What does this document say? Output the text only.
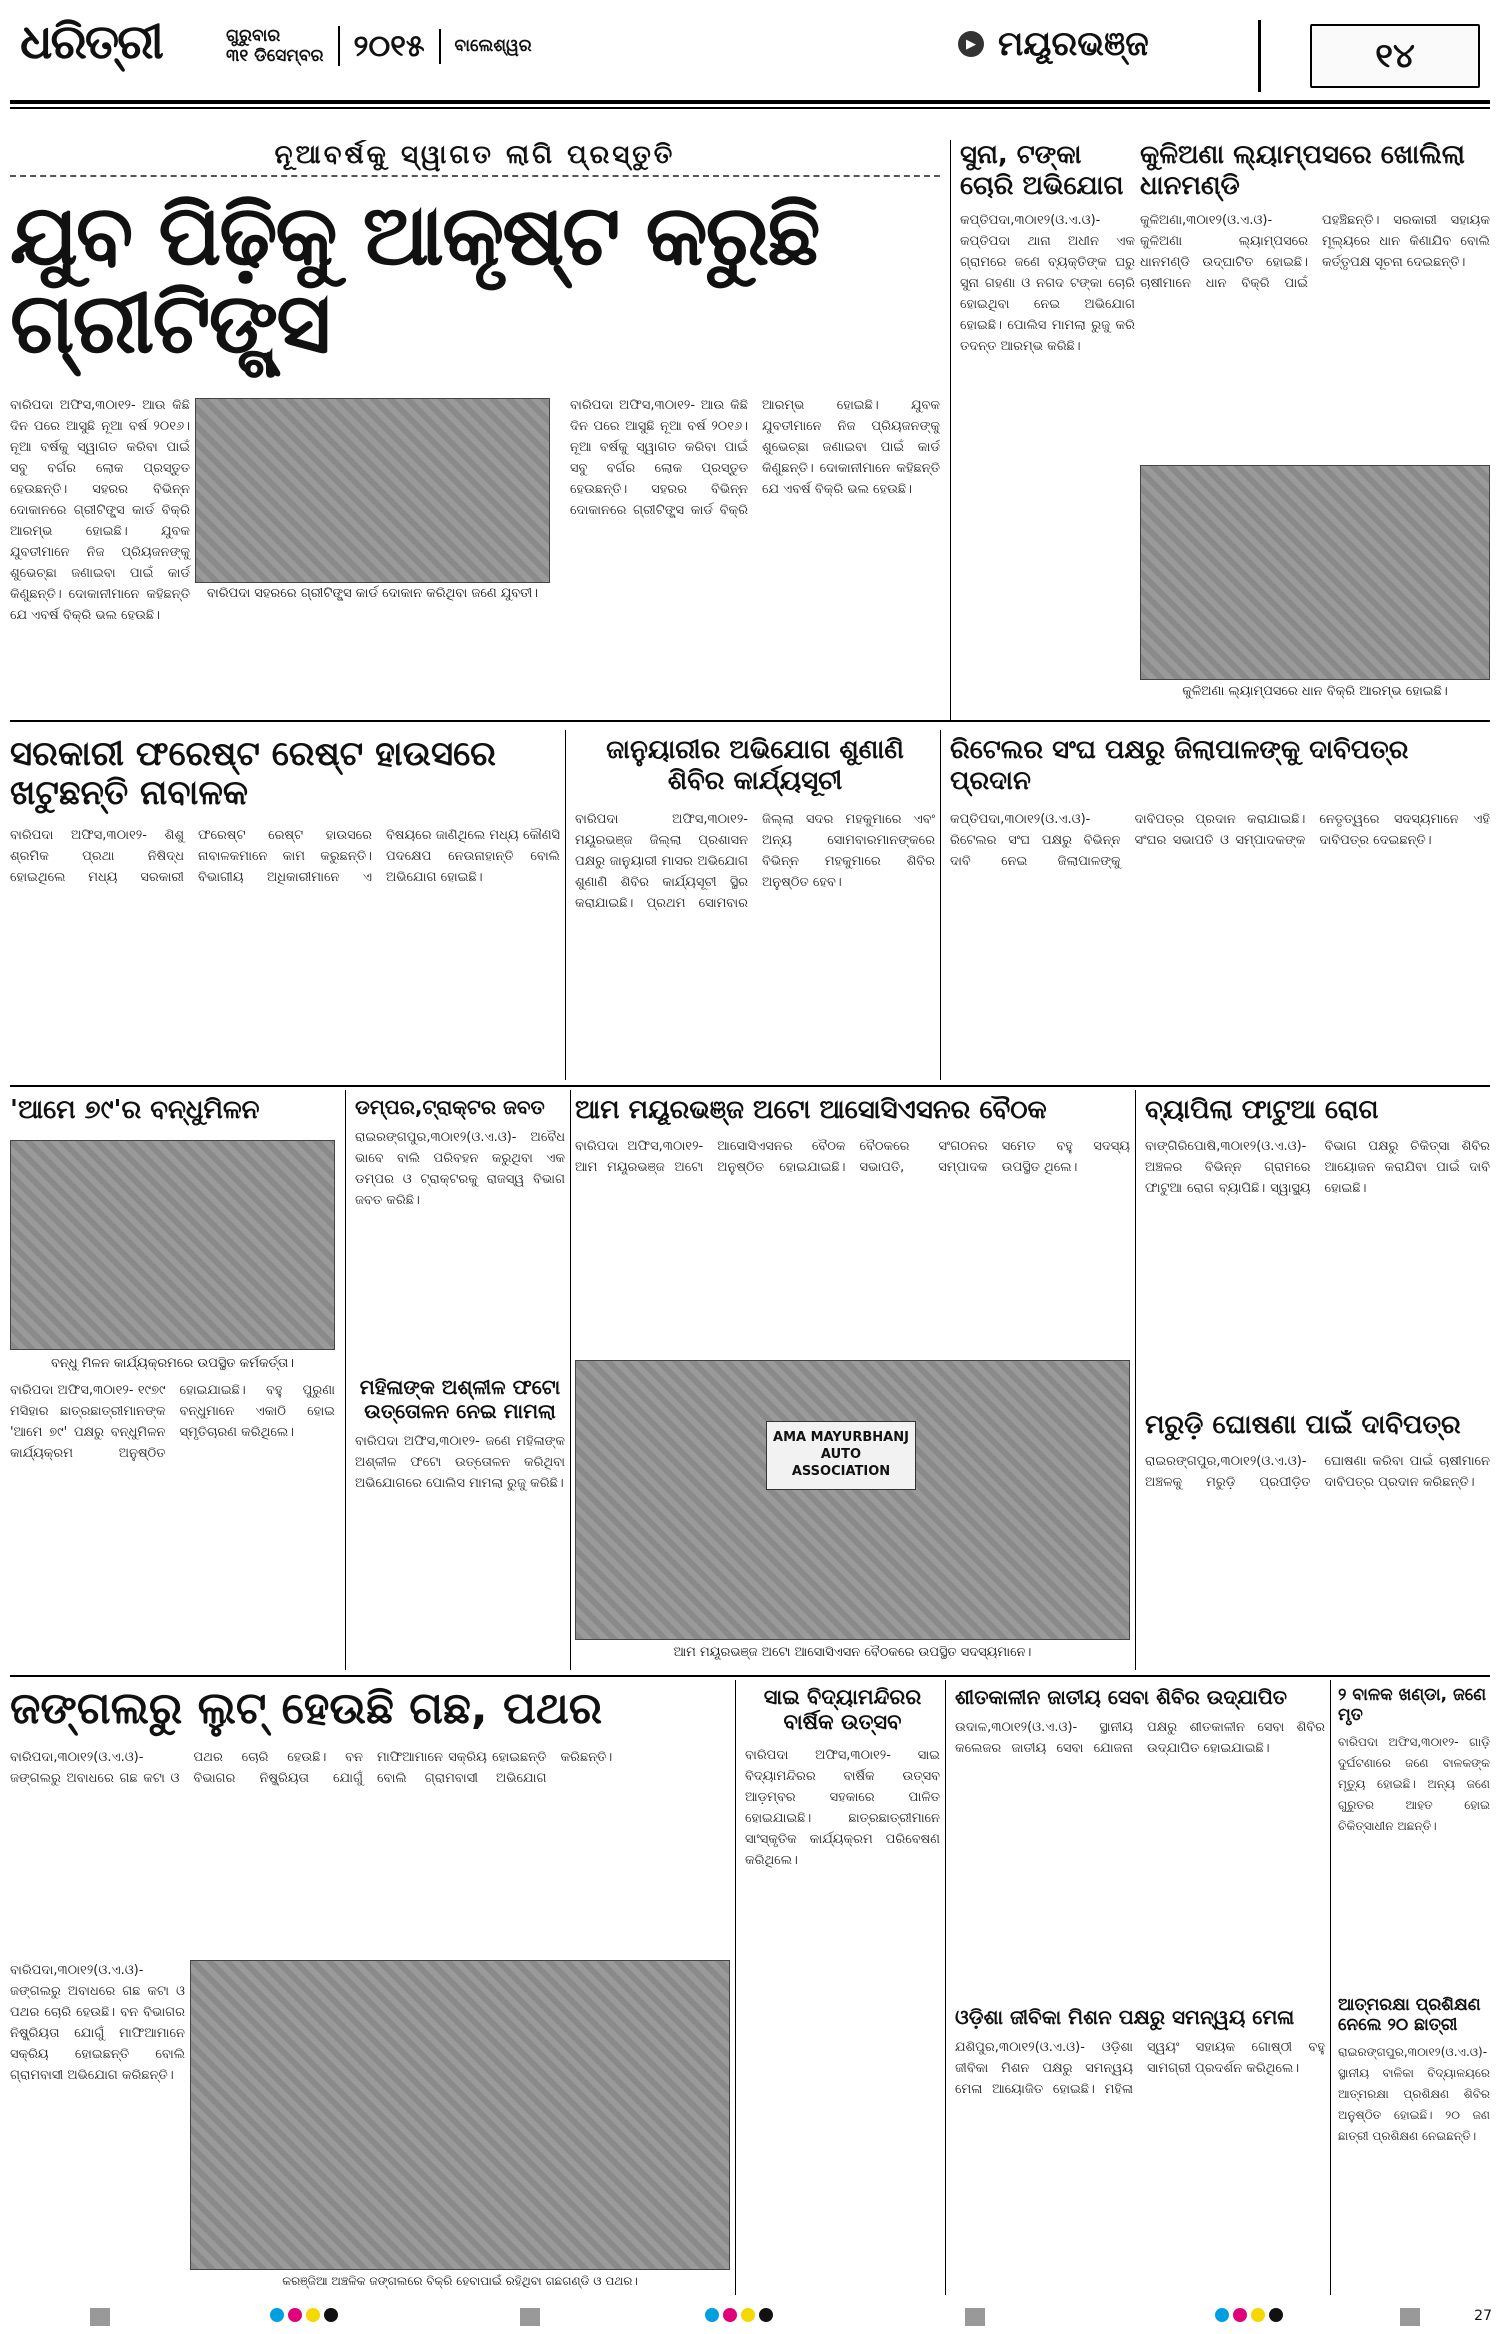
ଧରିତ୍ରୀ	ଗୁରୁବାର
୩୧ ଡିସେମ୍ବର	୨୦୧୫	ବାଲେଶ୍ୱର	▶ ମୟୂରଭଞ୍ଜ	୧୪
ନୂଆବର୍ଷକୁ ସ୍ୱାଗତ ଲାଗି ପ୍ରସ୍ତୁତି
ଯୁବ ପିଢ଼ିକୁ ଆକୃଷ୍ଟ କରୁଛି ଗ୍ରୀଟିଙ୍ଗ୍ସ
ବାରିପଦା ଅଫିସ,୩୦ା୧୨- ଆଉ କିଛି ଦିନ ପରେ ଆସୁଛି ନୂଆ ବର୍ଷ ୨୦୧୬। ନୂଆ ବର୍ଷକୁ ସ୍ୱାଗତ କରିବା ପାଇଁ ସବୁ ବର୍ଗର ଲୋକ ପ୍ରସ୍ତୁତ ହେଉଛନ୍ତି। ସହରର ବିଭିନ୍ନ ଦୋକାନରେ ଗ୍ରୀଟିଙ୍ଗ୍ସ କାର୍ଡ ବିକ୍ରି ଆରମ୍ଭ ହୋଇଛି। ଯୁବକ ଯୁବତୀମାନେ ନିଜ ପ୍ରିୟଜନଙ୍କୁ ଶୁଭେଚ୍ଛା ଜଣାଇବା ପାଇଁ କାର୍ଡ କିଣୁଛନ୍ତି। ଦୋକାନୀମାନେ କହିଛନ୍ତି ଯେ ଏବର୍ଷ ବିକ୍ରି ଭଲ ହେଉଛି।
ବାରିପଦା ଅଫିସ,୩୦ା୧୨- ଆଉ କିଛି ଦିନ ପରେ ଆସୁଛି ନୂଆ ବର୍ଷ ୨୦୧୬। ନୂଆ ବର୍ଷକୁ ସ୍ୱାଗତ କରିବା ପାଇଁ ସବୁ ବର୍ଗର ଲୋକ ପ୍ରସ୍ତୁତ ହେଉଛନ୍ତି। ସହରର ବିଭିନ୍ନ ଦୋକାନରେ ଗ୍ରୀଟିଙ୍ଗ୍ସ କାର୍ଡ ବିକ୍ରି ଆରମ୍ଭ ହୋଇଛି। ଯୁବକ ଯୁବତୀମାନେ ନିଜ ପ୍ରିୟଜନଙ୍କୁ ଶୁଭେଚ୍ଛା ଜଣାଇବା ପାଇଁ କାର୍ଡ କିଣୁଛନ୍ତି। ଦୋକାନୀମାନେ କହିଛନ୍ତି ଯେ ଏବର୍ଷ ବିକ୍ରି ଭଲ ହେଉଛି।
ବାରିପଦା ସହରରେ ଗ୍ରୀଟିଙ୍ଗ୍ସ କାର୍ଡ ଦୋକାନ କରିଥିବା ଜଣେ ଯୁବତୀ।
ସୁନା, ଟଙ୍କା ଚୋରି ଅଭିଯୋଗ
କପ୍ତିପଦା,୩୦ା୧୨(ଓ.ଏ.ଓ)- କପ୍ତିପଦା ଥାନା ଅଧୀନ ଏକ ଗ୍ରାମରେ ଜଣେ ବ୍ୟକ୍ତିଙ୍କ ଘରୁ ସୁନା ଗହଣା ଓ ନଗଦ ଟଙ୍କା ଚୋରି ହୋଇଥିବା ନେଇ ଅଭିଯୋଗ ହୋଇଛି। ପୋଲିସ ମାମଲା ରୁଜୁ କରି ତଦନ୍ତ ଆରମ୍ଭ କରିଛି।
କୁଳିଅଣା ଲ୍ୟାମ୍ପସରେ ଖୋଲିଲା ଧାନମଣ୍ଡି
କୁଳିଅଣା,୩୦ା୧୨(ଓ.ଏ.ଓ)- କୁଳିଅଣା ଲ୍ୟାମ୍ପସରେ ଧାନମଣ୍ଡି ଉଦ୍‌ଘାଟିତ ହୋଇଛି। ଚାଷୀମାନେ ଧାନ ବିକ୍ରି ପାଇଁ ପହଞ୍ଚିଛନ୍ତି। ସରକାରୀ ସହାୟକ ମୂଲ୍ୟରେ ଧାନ କିଣାଯିବ ବୋଲି କର୍ତ୍ତୃପକ୍ଷ ସୂଚନା ଦେଇଛନ୍ତି।
କୁଳିଅଣା ଲ୍ୟାମ୍ପସରେ ଧାନ ବିକ୍ରି ଆରମ୍ଭ ହୋଇଛି।
ସରକାରୀ ଫରେଷ୍ଟ ରେଷ୍ଟ ହାଉସରେ ଖଟୁଛନ୍ତି ନାବାଳକ
ବାରିପଦା ଅଫିସ,୩୦ା୧୨- ଶିଶୁ ଶ୍ରମିକ ପ୍ରଥା ନିଷିଦ୍ଧ ହୋଇଥିଲେ ମଧ୍ୟ ସରକାରୀ ଫରେଷ୍ଟ ରେଷ୍ଟ ହାଉସରେ ନାବାଳକମାନେ କାମ କରୁଛନ୍ତି। ବିଭାଗୀୟ ଅଧିକାରୀମାନେ ଏ ବିଷୟରେ ଜାଣିଥିଲେ ମଧ୍ୟ କୌଣସି ପଦକ୍ଷେପ ନେଉନାହାନ୍ତି ବୋଲି ଅଭିଯୋଗ ହୋଇଛି।
ଜାନୁୟାରୀର ଅଭିଯୋଗ ଶୁଣାଣି ଶିବିର କାର୍ଯ୍ୟସୂଚୀ
ବାରିପଦା ଅଫିସ,୩୦ା୧୨- ମୟୂରଭଞ୍ଜ ଜିଲ୍ଲା ପ୍ରଶାସନ ପକ୍ଷରୁ ଜାନୁୟାରୀ ମାସର ଅଭିଯୋଗ ଶୁଣାଣି ଶିବିର କାର୍ଯ୍ୟସୂଚୀ ସ୍ଥିର କରାଯାଇଛି। ପ୍ରଥମ ସୋମବାର ଜିଲ୍ଲା ସଦର ମହକୁମାରେ ଏବଂ ଅନ୍ୟ ସୋମବାରମାନଙ୍କରେ ବିଭିନ୍ନ ମହକୁମାରେ ଶିବିର ଅନୁଷ୍ଠିତ ହେବ।
ରିଟେଲର ସଂଘ ପକ୍ଷରୁ ଜିଲାପାଳଙ୍କୁ ଦାବିପତ୍ର ପ୍ରଦାନ
କପ୍ତିପଦା,୩୦ା୧୨(ଓ.ଏ.ଓ)- ରିଟେଲର ସଂଘ ପକ୍ଷରୁ ବିଭିନ୍ନ ଦାବି ନେଇ ଜିଲାପାଳଙ୍କୁ ଦାବିପତ୍ର ପ୍ରଦାନ କରାଯାଇଛି। ସଂଘର ସଭାପତି ଓ ସମ୍ପାଦକଙ୍କ ନେତୃତ୍ୱରେ ସଦସ୍ୟମାନେ ଏହି ଦାବିପତ୍ର ଦେଇଛନ୍ତି।
'ଆମେ ୭୯'ର ବନ୍ଧୁମିଳନ
ବନ୍ଧୁ ମିଳନ କାର୍ଯ୍ୟକ୍ରମରେ ଉପସ୍ଥିତ କର୍ମକର୍ତ୍ତା।
ବାରିପଦା ଅଫିସ,୩୦ା୧୨- ୧୯୭୯ ମସିହାର ଛାତ୍ରଛାତ୍ରୀମାନଙ୍କ 'ଆମେ ୭୯' ପକ୍ଷରୁ ବନ୍ଧୁମିଳନ କାର୍ଯ୍ୟକ୍ରମ ଅନୁଷ୍ଠିତ ହୋଇଯାଇଛି। ବହୁ ପୁରୁଣା ବନ୍ଧୁମାନେ ଏକାଠି ହୋଇ ସ୍ମୃତିଚାରଣ କରିଥିଲେ।
ଡମ୍ପର,ଟ୍ରାକ୍ଟର ଜବତ
ରାଇରଙ୍ଗପୁର,୩୦ା୧୨(ଓ.ଏ.ଓ)- ଅବୈଧ ଭାବେ ବାଲି ପରିବହନ କରୁଥିବା ଏକ ଡମ୍ପର ଓ ଟ୍ରାକ୍ଟରକୁ ରାଜସ୍ୱ ବିଭାଗ ଜବତ କରିଛି।
ମହିଳାଙ୍କ ଅଶ୍ଳୀଳ ଫଟୋ ଉତ୍ତୋଳନ ନେଇ ମାମଲା
ବାରିପଦା ଅଫିସ,୩୦ା୧୨- ଜଣେ ମହିଳାଙ୍କ ଅଶ୍ଳୀଳ ଫଟୋ ଉତ୍ତୋଳନ କରିଥିବା ଅଭିଯୋଗରେ ପୋଲିସ ମାମଲା ରୁଜୁ କରିଛି।
ଆମ ମୟୂରଭଞ୍ଜ ଅଟୋ ଆସୋସିଏସନର ବୈଠକ
ବାରିପଦା ଅଫିସ,୩୦ା୧୨- ଆମ ମୟୂରଭଞ୍ଜ ଅଟୋ ଆସୋସିଏସନର ବୈଠକ ଅନୁଷ୍ଠିତ ହୋଇଯାଇଛି। ବୈଠକରେ ସଂଗଠନର ସଭାପତି, ସମ୍ପାଦକ ସମେତ ବହୁ ସଦସ୍ୟ ଉପସ୍ଥିତ ଥିଲେ।
AMA MAYURBHANJ AUTO ASSOCIATION
ଆମ ମୟୂରଭଞ୍ଜ ଅଟୋ ଆସୋସିଏସନ ବୈଠକରେ ଉପସ୍ଥିତ ସଦସ୍ୟମାନେ।
ବ୍ୟାପିଲା ଫାଟୁଆ ରୋଗ
ବାଙ୍ଗିରିପୋଷି,୩୦ା୧୨(ଓ.ଏ.ଓ)- ଅଞ୍ଚଳର ବିଭିନ୍ନ ଗ୍ରାମରେ ଫାଟୁଆ ରୋଗ ବ୍ୟାପିଛି। ସ୍ୱାସ୍ଥ୍ୟ ବିଭାଗ ପକ୍ଷରୁ ଚିକିତ୍ସା ଶିବିର ଆୟୋଜନ କରାଯିବା ପାଇଁ ଦାବି ହୋଇଛି।
ମରୁଡ଼ି ଘୋଷଣା ପାଇଁ ଦାବିପତ୍ର
ରାଇରଙ୍ଗପୁର,୩୦ା୧୨(ଓ.ଏ.ଓ)- ଅଞ୍ଚଳକୁ ମରୁଡ଼ି ପ୍ରପୀଡ଼ିତ ଘୋଷଣା କରିବା ପାଇଁ ଚାଷୀମାନେ ଦାବିପତ୍ର ପ୍ରଦାନ କରିଛନ୍ତି।
ଜଙ୍ଗଲରୁ ଲୁଟ୍ ହେଉଛି ଗଛ, ପଥର
ବାରିପଦା,୩୦ା୧୨(ଓ.ଏ.ଓ)- ଜଙ୍ଗଲରୁ ଅବାଧରେ ଗଛ କଟା ଓ ପଥର ଚୋରି ହେଉଛି। ବନ ବିଭାଗର ନିଷ୍କ୍ରିୟତା ଯୋଗୁଁ ମାଫିଆମାନେ ସକ୍ରିୟ ହୋଇଛନ୍ତି ବୋଲି ଗ୍ରାମବାସୀ ଅଭିଯୋଗ କରିଛନ୍ତି।
ବାରିପଦା,୩୦ା୧୨(ଓ.ଏ.ଓ)- ଜଙ୍ଗଲରୁ ଅବାଧରେ ଗଛ କଟା ଓ ପଥର ଚୋରି ହେଉଛି। ବନ ବିଭାଗର ନିଷ୍କ୍ରିୟତା ଯୋଗୁଁ ମାଫିଆମାନେ ସକ୍ରିୟ ହୋଇଛନ୍ତି ବୋଲି ଗ୍ରାମବାସୀ ଅଭିଯୋଗ କରିଛନ୍ତି।
କରଞ୍ଜିଆ ଅଞ୍ଚଳିକ ଜଙ୍ଗଲରେ ବିକ୍ରି ହେବାପାଇଁ ରହିଥିବା ଗଛଗଣ୍ଡି ଓ ପଥର।
ସାଇ ବିଦ୍ୟାମନ୍ଦିରର ବାର୍ଷିକ ଉତ୍ସବ
ବାରିପଦା ଅଫିସ,୩୦ା୧୨- ସାଇ ବିଦ୍ୟାମନ୍ଦିରର ବାର୍ଷିକ ଉତ୍ସବ ଆଡ଼ମ୍ବର ସହକାରେ ପାଳିତ ହୋଇଯାଇଛି। ଛାତ୍ରଛାତ୍ରୀମାନେ ସାଂସ୍କୃତିକ କାର୍ଯ୍ୟକ୍ରମ ପରିବେଷଣ କରିଥିଲେ।
ଶୀତକାଳୀନ ଜାତୀୟ ସେବା ଶିବିର ଉଦ୍‌ଯାପିତ
ଉଦାଳ,୩୦ା୧୨(ଓ.ଏ.ଓ)- ସ୍ଥାନୀୟ କଲେଜର ଜାତୀୟ ସେବା ଯୋଜନା ପକ୍ଷରୁ ଶୀତକାଳୀନ ସେବା ଶିବିର ଉଦ୍‌ଯାପିତ ହୋଇଯାଇଛି।
ଓଡ଼ିଶା ଜୀବିକା ମିଶନ ପକ୍ଷରୁ ସମନ୍ୱୟ ମେଳା
ଯଶିପୁର,୩୦ା୧୨(ଓ.ଏ.ଓ)- ଓଡ଼ିଶା ଜୀବିକା ମିଶନ ପକ୍ଷରୁ ସମନ୍ୱୟ ମେଳା ଆୟୋଜିତ ହୋଇଛି। ମହିଳା ସ୍ୱୟଂ ସହାୟକ ଗୋଷ୍ଠୀ ବହୁ ସାମଗ୍ରୀ ପ୍ରଦର୍ଶନ କରିଥିଲେ।
୨ ବାଳକ ଖଣ୍ଡା, ଜଣେ ମୃତ
ବାରିପଦା ଅଫିସ,୩୦ା୧୨- ଗାଡ଼ି ଦୁର୍ଘଟଣାରେ ଜଣେ ବାଳକଙ୍କ ମୃତ୍ୟୁ ହୋଇଛି। ଅନ୍ୟ ଜଣେ ଗୁରୁତର ଆହତ ହୋଇ ଚିକିତ୍ସାଧୀନ ଅଛନ୍ତି।
ଆତ୍ମରକ୍ଷା ପ୍ରଶିକ୍ଷଣ ନେଲେ ୨୦ ଛାତ୍ରୀ
ରାଇରଙ୍ଗପୁର,୩୦ା୧୨(ଓ.ଏ.ଓ)- ସ୍ଥାନୀୟ ବାଳିକା ବିଦ୍ୟାଳୟରେ ଆତ୍ମରକ୍ଷା ପ୍ରଶିକ୍ଷଣ ଶିବିର ଅନୁଷ୍ଠିତ ହୋଇଛି। ୨୦ ଜଣ ଛାତ୍ରୀ ପ୍ରଶିକ୍ଷଣ ନେଇଛନ୍ତି।
27
